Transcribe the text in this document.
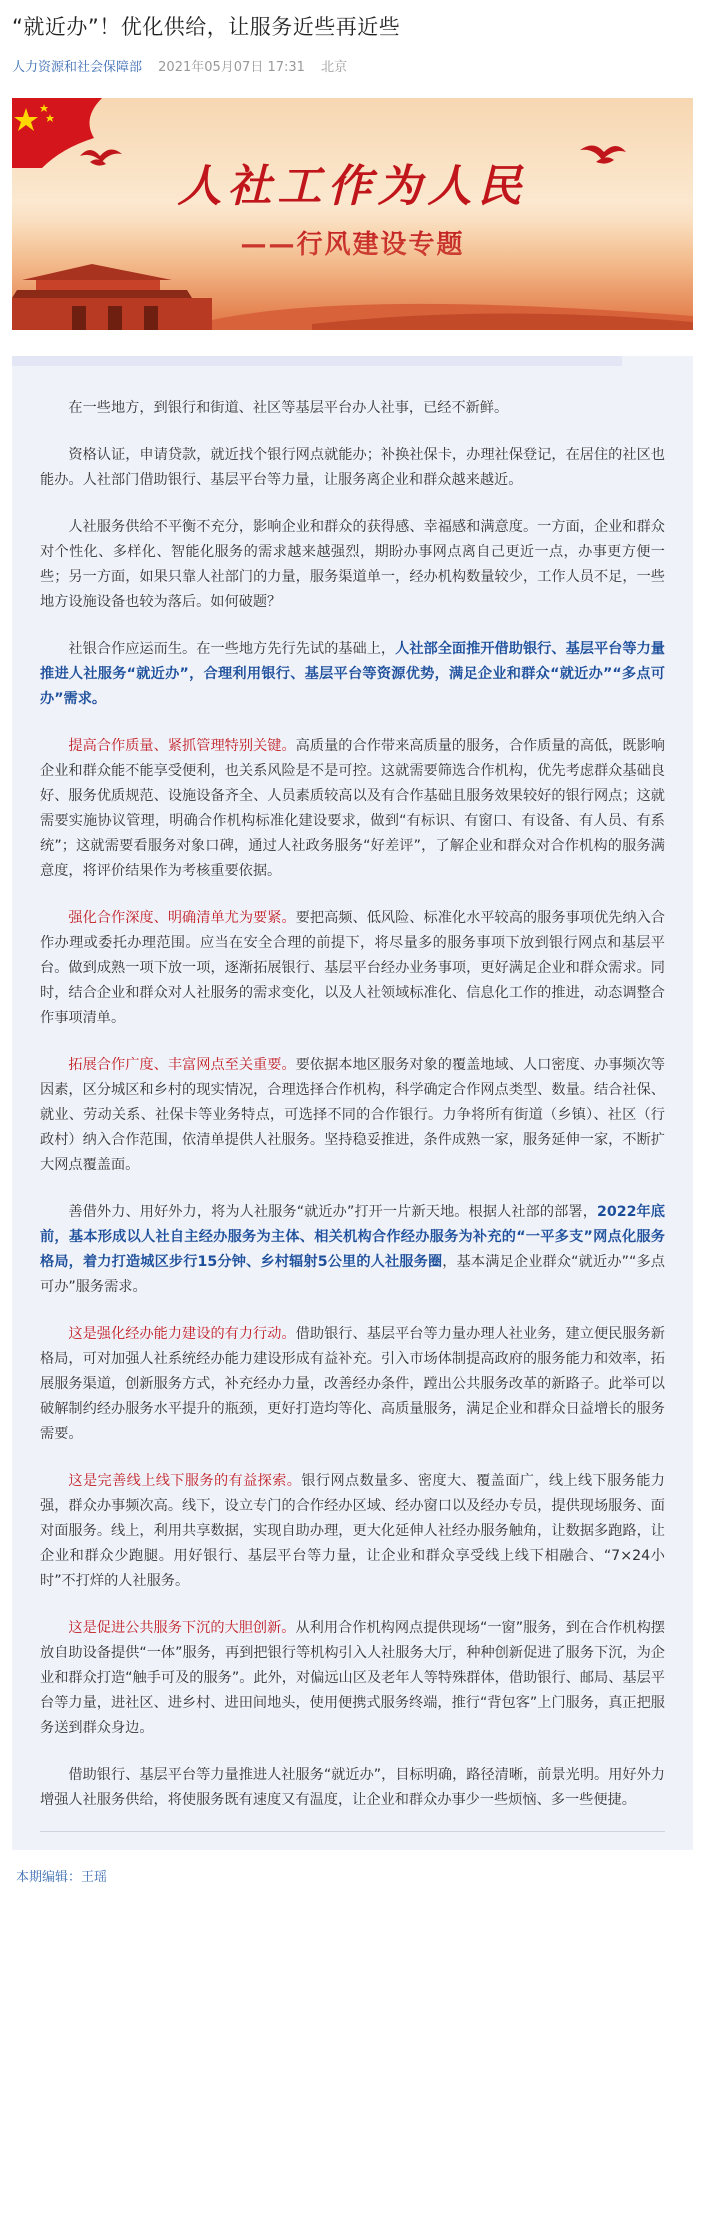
“就近办”！优化供给，让服务近些再近些
人力资源和社会保障部 2021年05月07日 17:31 北京
人社工作为人民

在一些地方，到银行和街道、社区等基层平台办人社事，已经不新鲜。

资格认证，申请贷款，就近找个银行网点就能办；补换社保卡，办理社保登记，在居住的社区也能办。人社部门借助银行、基层平台等力量，让服务离企业和群众越来越近。

人社服务供给不平衡不充分，影响企业和群众的获得感、幸福感和满意度。一方面，企业和群众对个性化、多样化、智能化服务的需求越来越强烈，期盼办事网点离自己更近一点，办事更方便一些；另一方面，如果只靠人社部门的力量，服务渠道单一，经办机构数量较少，工作人员不足，一些地方设施设备也较为落后。如何破题？

社银合作应运而生。在一些地方先行先试的基础上，人社部全面推开借助银行、基层平台等力量推进人社服务“就近办”，合理利用银行、基层平台等资源优势，满足企业和群众“就近办”“多点可办”需求。

提高合作质量、紧抓管理特别关键。高质量的合作带来高质量的服务，合作质量的高低，既影响企业和群众能不能享受便利，也关系风险是不是可控。这就需要筛选合作机构，优先考虑群众基础良好、服务优质规范、设施设备齐全、人员素质较高以及有合作基础且服务效果较好的银行网点；这就需要实施协议管理，明确合作机构标准化建设要求，做到“有标识、有窗口、有设备、有人员、有系统”；这就需要看服务对象口碑，通过人社政务服务“好差评”，了解企业和群众对合作机构的服务满意度，将评价结果作为考核重要依据。

强化合作深度、明确清单尤为要紧。要把高频、低风险、标准化水平较高的服务事项优先纳入合作办理或委托办理范围。应当在安全合理的前提下，将尽量多的服务事项下放到银行网点和基层平台。做到成熟一项下放一项，逐渐拓展银行、基层平台经办业务事项，更好满足企业和群众需求。同时，结合企业和群众对人社服务的需求变化，以及人社领域标准化、信息化工作的推进，动态调整合作事项清单。

拓展合作广度、丰富网点至关重要。要依据本地区服务对象的覆盖地域、人口密度、办事频次等因素，区分城区和乡村的现实情况，合理选择合作机构，科学确定合作网点类型、数量。结合社保、就业、劳动关系、社保卡等业务特点，可选择不同的合作银行。力争将所有街道（乡镇）、社区（行政村）纳入合作范围，依清单提供人社服务。坚持稳妥推进，条件成熟一家，服务延伸一家，不断扩大网点覆盖面。

善借外力、用好外力，将为人社服务“就近办”打开一片新天地。根据人社部的部署，2022年底前，基本形成以人社自主经办服务为主体、相关机构合作经办服务为补充的“一平多支”网点化服务格局，着力打造城区步行15分钟、乡村辐射5公里的人社服务圈，基本满足企业群众“就近办”“多点可办”服务需求。

这是强化经办能力建设的有力行动。借助银行、基层平台等力量办理人社业务，建立便民服务新格局，可对加强人社系统经办能力建设形成有益补充。引入市场体制提高政府的服务能力和效率，拓展服务渠道，创新服务方式，补充经办力量，改善经办条件，蹚出公共服务改革的新路子。此举可以破解制约经办服务水平提升的瓶颈，更好打造均等化、高质量服务，满足企业和群众日益增长的服务需要。

这是完善线上线下服务的有益探索。银行网点数量多、密度大、覆盖面广，线上线下服务能力强，群众办事频次高。线下，设立专门的合作经办区域、经办窗口以及经办专员，提供现场服务、面对面服务。线上，利用共享数据，实现自助办理，更大化延伸人社经办服务触角，让数据多跑路，让企业和群众少跑腿。用好银行、基层平台等力量，让企业和群众享受线上线下相融合、“7×24小时”不打烊的人社服务。

这是促进公共服务下沉的大胆创新。从利用合作机构网点提供现场“一窗”服务，到在合作机构摆放自助设备提供“一体”服务，再到把银行等机构引入人社服务大厅，种种创新促进了服务下沉，为企业和群众打造“触手可及的服务”。此外，对偏远山区及老年人等特殊群体，借助银行、邮局、基层平台等力量，进社区、进乡村、进田间地头，使用便携式服务终端，推行“背包客”上门服务，真正把服务送到群众身边。

借助银行、基层平台等力量推进人社服务“就近办”，目标明确，路径清晰，前景光明。用好外力增强人社服务供给，将使服务既有速度又有温度，让企业和群众办事少一些烦恼、多一些便捷。

本期编辑：王瑶
